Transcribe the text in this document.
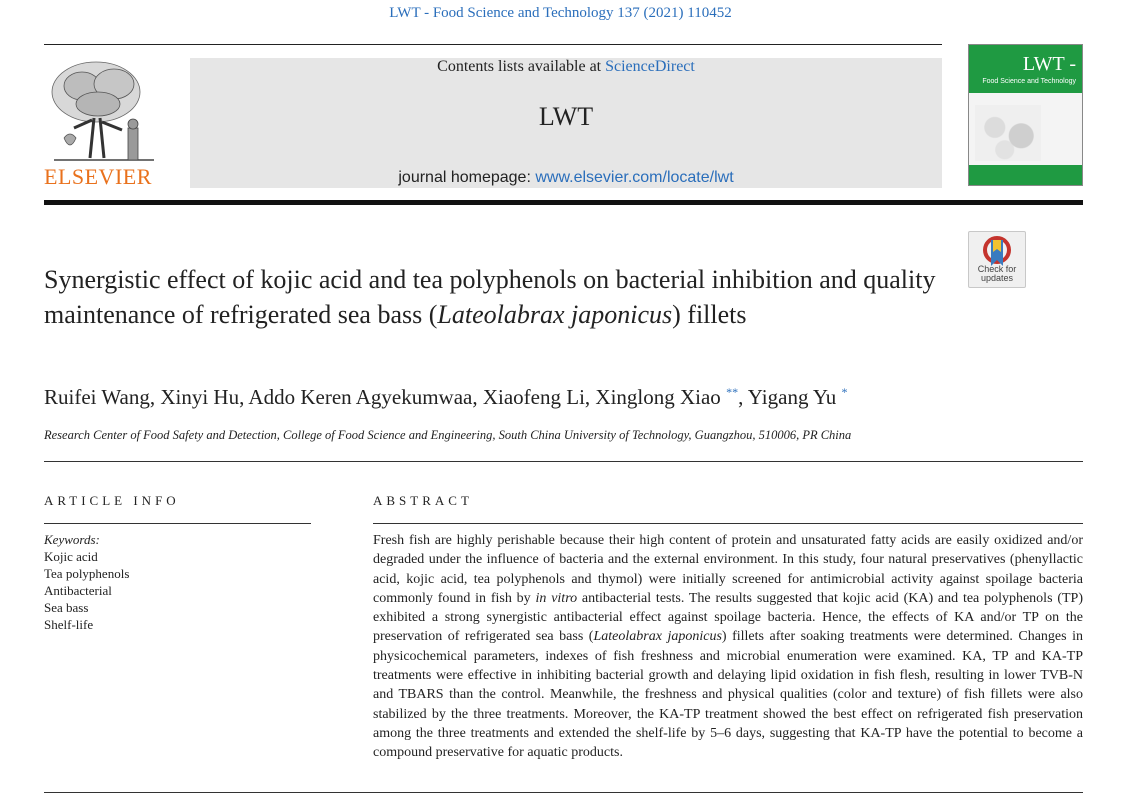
LWT - Food Science and Technology 137 (2021) 110452
ELSEVIER
Contents lists available at ScienceDirect
LWT
journal homepage: www.elsevier.com/locate/lwt
LWT -
Food Science and Technology
Check for
updates
Synergistic effect of kojic acid and tea polyphenols on bacterial inhibition and quality maintenance of refrigerated sea bass (Lateolabrax japonicus) fillets
Ruifei Wang, Xinyi Hu, Addo Keren Agyekumwaa, Xiaofeng Li, Xinglong Xiao **, Yigang Yu *
Research Center of Food Safety and Detection, College of Food Science and Engineering, South China University of Technology, Guangzhou, 510006, PR China
ARTICLE INFO
Keywords:
Kojic acid
Tea polyphenols
Antibacterial
Sea bass
Shelf-life
ABSTRACT

Fresh fish are highly perishable because their high content of protein and unsaturated fatty acids are easily oxidized and/or degraded under the influence of bacteria and the external environment. In this study, four natural preservatives (phenyllactic acid, kojic acid, tea polyphenols and thymol) were initially screened for antimicrobial activity against spoilage bacteria commonly found in fish by in vitro antibacterial tests. The results suggested that kojic acid (KA) and tea polyphenols (TP) exhibited a strong synergistic antibacterial effect against spoilage bacteria. Hence, the effects of KA and/or TP on the preservation of refrigerated sea bass (Lateolabrax japonicus) fillets after soaking treatments were determined. Changes in physicochemical parameters, indexes of fish freshness and microbial enumeration were examined. KA, TP and KA-TP treatments were effective in inhibiting bacterial growth and delaying lipid oxidation in fish flesh, resulting in lower TVB-N and TBARS than the control. Meanwhile, the freshness and physical qualities (color and texture) of fish fillets were also stabilized by the three treatments. Moreover, the KA-TP treatment showed the best effect on refrigerated fish preservation among the three treatments and extended the shelf-life by 5–6 days, suggesting that KA-TP have the potential to become a compound preservative for aquatic products.
